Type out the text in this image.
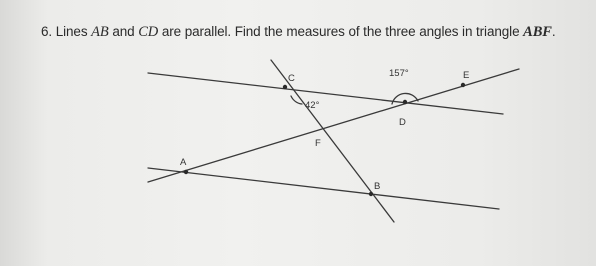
6. Lines AB and CD are parallel. Find the measures of the three angles in triangle ABF.
C	E
D
F
A
B
157°
42°
